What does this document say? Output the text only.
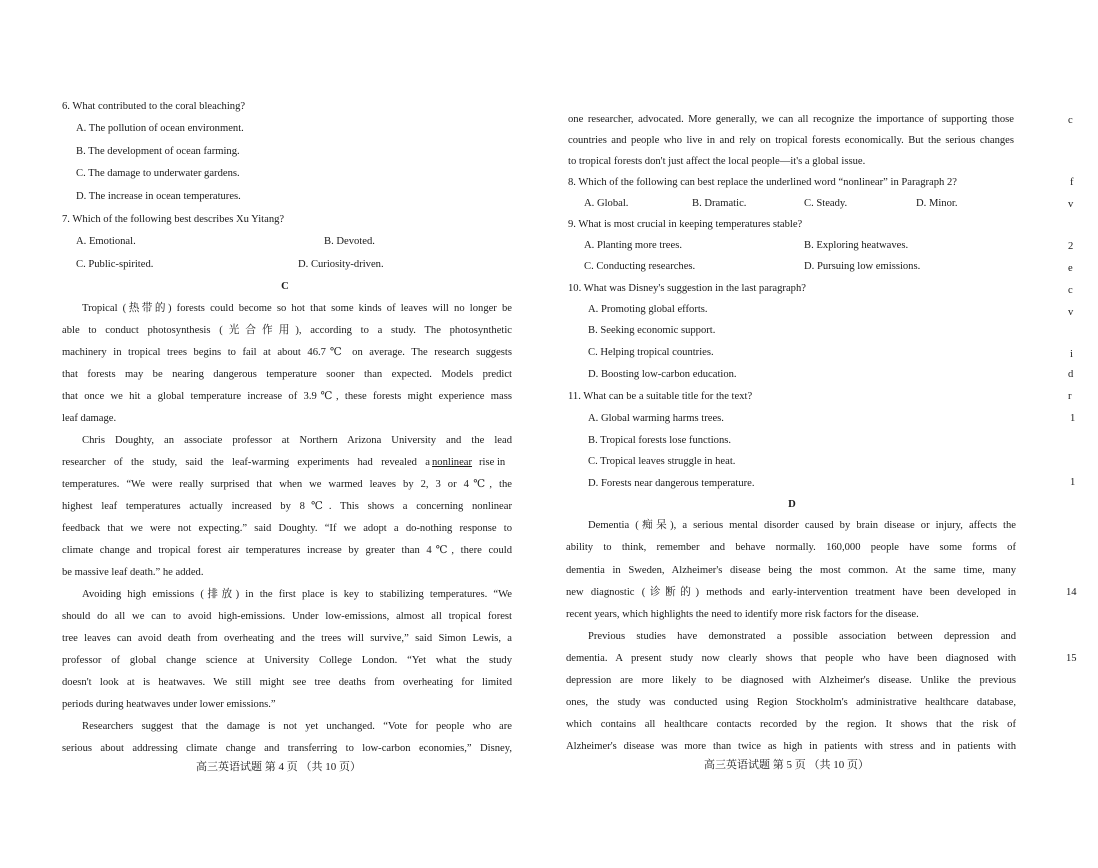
6. What contributed to the coral bleaching?
A. The pollution of ocean environment.
B. The development of ocean farming.
C. The damage to underwater gardens.
D. The increase in ocean temperatures.
7. Which of the following best describes Xu Yitang?
A. Emotional.	B. Devoted.
C. Public-spirited.	D. Curiosity-driven.
C
Tropical (热带的) forests could become so hot that some kinds of leaves will no longer be
able to conduct photosynthesis (光合作用), according to a study. The photosynthetic
machinery in tropical trees begins to fail at about 46.7℃ on average. The research suggests
that forests may be nearing dangerous temperature sooner than expected. Models predict
that once we hit a global temperature increase of 3.9℃, these forests might experience mass
leaf damage.
Chris Doughty, an associate professor at Northern Arizona University and the lead
researcher of the study, said the leaf-warming experiments had revealed a nonlinear rise in
temperatures. “We were really surprised that when we warmed leaves by 2, 3 or 4℃, the
highest leaf temperatures actually increased by 8℃. This shows a concerning nonlinear
feedback that we were not expecting.” said Doughty. “If we adopt a do-nothing response to
climate change and tropical forest air temperatures increase by greater than 4℃, there could
be massive leaf death.” he added.
Avoiding high emissions (排放) in the first place is key to stabilizing temperatures. “We
should do all we can to avoid high-emissions. Under low-emissions, almost all tropical forest
tree leaves can avoid death from overheating and the trees will survive,” said Simon Lewis, a
professor of global change science at University College London. “Yet what the study
doesn't look at is heatwaves. We still might see tree deaths from overheating for limited
periods during heatwaves under lower emissions.”
Researchers suggest that the damage is not yet unchanged. “Vote for people who are
serious about addressing climate change and transferring to low-carbon economies,” Disney,
高三英语试题 第 4 页 （共 10 页）
one researcher, advocated. More generally, we can all recognize the importance of supporting those
countries and people who live in and rely on tropical forests economically. But the serious changes
to tropical forests don't just affect the local people—it's a global issue.
8. Which of the following can best replace the underlined word “nonlinear” in Paragraph 2?
A. Global.	B. Dramatic.	C. Steady.	D. Minor.
9. What is most crucial in keeping temperatures stable?
A. Planting more trees.	B. Exploring heatwaves.
C. Conducting researches.	D. Pursuing low emissions.
10. What was Disney's suggestion in the last paragraph?
A. Promoting global efforts.
B. Seeking economic support.
C. Helping tropical countries.
D. Boosting low-carbon education.
11. What can be a suitable title for the text?
A. Global warming harms trees.
B. Tropical forests lose functions.
C. Tropical leaves struggle in heat.
D. Forests near dangerous temperature.
D
Dementia (痴呆), a serious mental disorder caused by brain disease or injury, affects the
ability to think, remember and behave normally. 160,000 people have some forms of
dementia in Sweden, Alzheimer's disease being the most common. At the same time, many
new diagnostic (诊断的) methods and early-intervention treatment have been developed in
recent years, which highlights the need to identify more risk factors for the disease.
Previous studies have demonstrated a possible association between depression and
dementia. A present study now clearly shows that people who have been diagnosed with
depression are more likely to be diagnosed with Alzheimer's disease. Unlike the previous
ones, the study was conducted using Region Stockholm's administrative healthcare database,
which contains all healthcare contacts recorded by the region. It shows that the risk of
Alzheimer's disease was more than twice as high in patients with stress and in patients with
高三英语试题 第 5 页 （共 10 页）
c
f
v
2
e
c
v
i
d
r
1
1
14
15
